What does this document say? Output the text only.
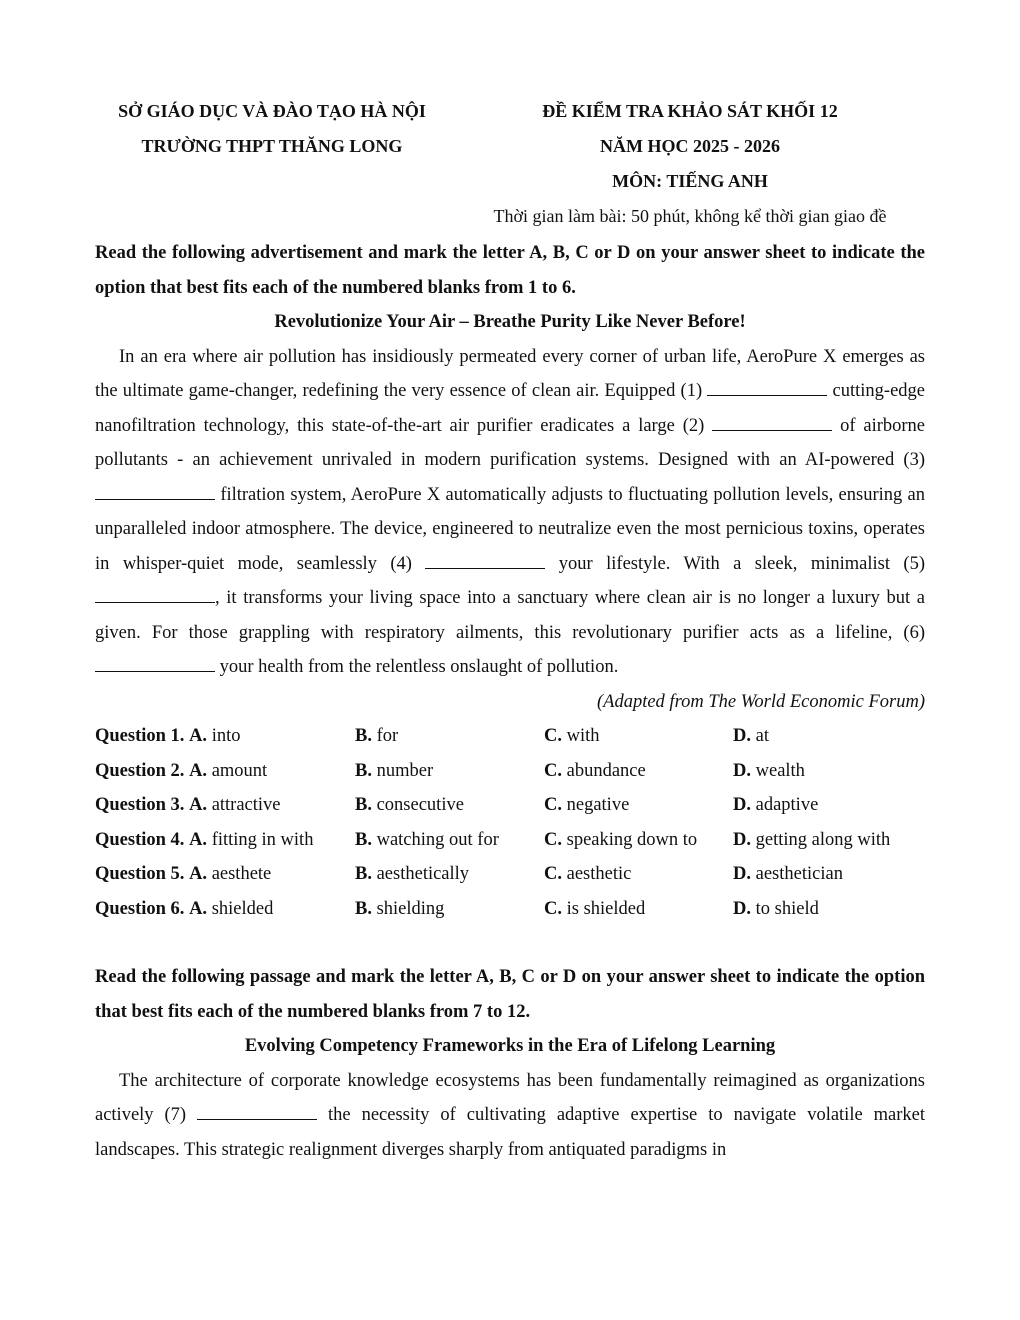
SỞ GIÁO DỤC VÀ ĐÀO TẠO HÀ NỘI
TRƯỜNG THPT THĂNG LONG
ĐỀ KIỂM TRA KHẢO SÁT KHỐI 12
NĂM HỌC 2025 - 2026
MÔN: TIẾNG ANH
Thời gian làm bài: 50 phút, không kể thời gian giao đề

Read the following advertisement and mark the letter A, B, C or D on your answer sheet to indicate the option that best fits each of the numbered blanks from 1 to 6.

Revolutionize Your Air – Breathe Purity Like Never Before!

In an era where air pollution has insidiously permeated every corner of urban life, AeroPure X emerges as the ultimate game-changer, redefining the very essence of clean air. Equipped (1)	cutting-edge nanofiltration technology, this state-of-the-art air purifier eradicates a large (2)	of airborne pollutants - an achievement unrivaled in modern purification systems. Designed with an AI-powered (3)  filtration system, AeroPure X automatically adjusts to fluctuating pollution levels, ensuring an unparalleled indoor atmosphere. The device, engineered to neutralize even the most pernicious toxins, operates in whisper-quiet mode, seamlessly (4)	your lifestyle. With a sleek, minimalist (5) , it transforms your living space into a sanctuary where clean air is no longer a luxury but a given. For those grappling with respiratory ailments, this revolutionary purifier acts as a lifeline, (6)  your health from the relentless onslaught of pollution.

(Adapted from The World Economic Forum)

Question 1. A. into	B. for	C. with	D. at
Question 2. A. amount	B. number	C. abundance	D. wealth
Question 3. A. attractive	B. consecutive	C. negative	D. adaptive
Question 4. A. fitting in with	B. watching out for	C. speaking down to	D. getting along with
Question 5. A. aesthete	B. aesthetically	C. aesthetic	D. aesthetician
Question 6. A. shielded	B. shielding	C. is shielded	D. to shield

Read the following passage and mark the letter A, B, C or D on your answer sheet to indicate the option that best fits each of the numbered blanks from 7 to 12.

Evolving Competency Frameworks in the Era of Lifelong Learning

The architecture of corporate knowledge ecosystems has been fundamentally reimagined as organizations actively (7)	the necessity of cultivating adaptive expertise to navigate volatile market landscapes. This strategic realignment diverges sharply from antiquated paradigms in
